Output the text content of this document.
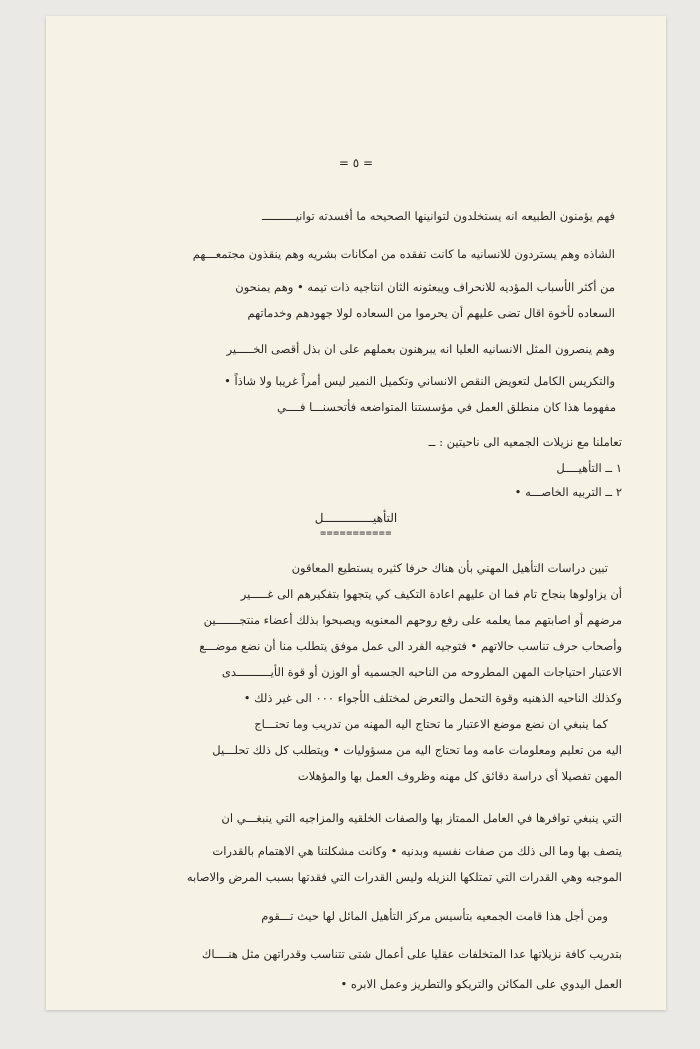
= ٥ =
فهم يؤمنون الطبيعه انه يستخلدون لتوانينها الصحيحه ما أفسدته توانيــــــــــ
الشاذه وهم يستردون للانسانيه ما كانت تفقده من امكانات بشريه وهم ينقذون مجتمعـــهم
من أكثر الأسباب المؤديه للانحراف ويبعثونه الثان انتاجيه ذات تيمه • وهم يمنحون
السعاده لأخوة اقال تضى عليهم أن يحرموا من السعاده لولا جهودهم وخدماتهم
وهم ينصرون المثل الانسانيه العليا انه يبرهنون بعملهم على ان بذل أقصى الخـــــير
والتكريس الكامل لتعويض النقص الانساني وتكميل النمير ليس أمراً غريبا ولا شاذاً •
مفهوما هذا كان منطلق العمل في مؤسستنا المتواضعه فأتحسنـــا فــــي
تعاملنا مع نزيلات الجمعيه الى ناحيتين : ــ
١ ــ التأهيــــل
٢ ــ التربيه الخاصـــه •
التأهيــــــــــــــل
===========
تبين دراسات التأهيل المهني بأن هناك حرفا كثيره يستطيع المعاقون
أن يزاولوها بنجاح تام فما ان عليهم اعادة التكيف كي يتجهوا بتفكيرهم الى غـــــير
مرضهم أو اصابتهم مما يعلمه على رفع روحهم المعنويه ويصبحوا بذلك أعضاء منتجـــــــين
وأصحاب حرف تناسب حالاتهم • فتوجيه الفرد الى عمل موفق يتطلب منا أن نضع موضـــع
الاعتبار احتياجات المهن المطروحه من الناحيه الجسميه أو الوزن أو قوة الأيــــــــــدى
وكذلك الناحيه الذهنيه وقوة التحمل والتعرض لمختلف الأجواء ٠٠٠ الى غير ذلك •
كما ينبغي ان نضع موضع الاعتبار ما تحتاج اليه المهنه من تدريب وما تحتـــاج
اليه من تعليم ومعلومات عامه وما تحتاج اليه من مسؤوليات • ويتطلب كل ذلك تحلـــيل
المهن تفصيلا أى دراسة دقائق كل مهنه وظروف العمل بها والمؤهلات
التي ينبغي توافرها في العامل الممتاز بها والصفات الخلقيه والمزاجيه التي ينبغـــي ان
يتصف بها وما الى ذلك من صفات نفسيه وبدنيه • وكانت مشكلتنا هي الاهتمام بالقدرات
الموجبه وهي القدرات التي تمتلكها النزيله وليس القدرات التي فقدتها بسبب المرض والاصابه
ومن أجل هذا قامت الجمعيه بتأسيس مركز التأهيل المائل لها حيث تـــقوم
بتدريب كافة نزيلاتها عدا المتخلفات عقليا على أعمال شتى تتناسب وقدراتهن مثل هنــــاك
العمل اليدوي على المكائن والتريكو والتطريز وعمل الابره •
